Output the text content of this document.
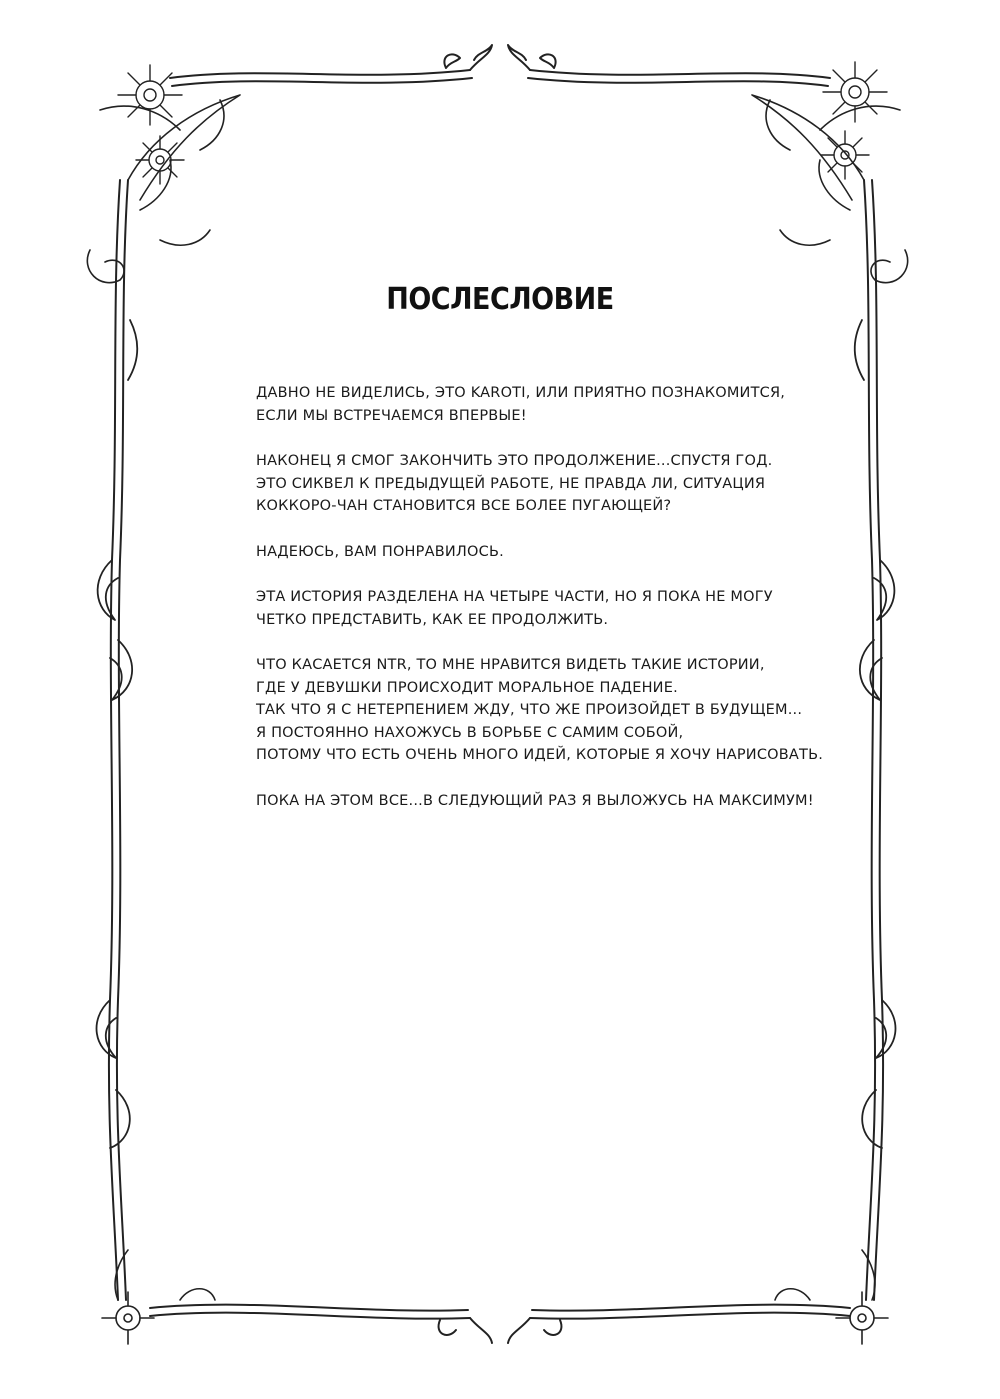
ПОСЛЕСЛОВИЕ

ДАВНО НЕ ВИДЕЛИСЬ, ЭТО KAROTI, ИЛИ ПРИЯТНО ПОЗНАКОМИТСЯ,
ЕСЛИ МЫ ВСТРЕЧАЕМСЯ ВПЕРВЫЕ!

НАКОНЕЦ Я СМОГ ЗАКОНЧИТЬ ЭТО ПРОДОЛЖЕНИЕ...СПУСТЯ ГОД.
ЭТО СИКВЕЛ К ПРЕДЫДУЩЕЙ РАБОТЕ, НЕ ПРАВДА ЛИ, СИТУАЦИЯ
КОККОРО-ЧАН СТАНОВИТСЯ ВСЕ БОЛЕЕ ПУГАЮЩЕЙ?

НАДЕЮСЬ, ВАМ ПОНРАВИЛОСЬ.

ЭТА ИСТОРИЯ РАЗДЕЛЕНА НА ЧЕТЫРЕ ЧАСТИ, НО Я ПОКА НЕ МОГУ
ЧЕТКО ПРЕДСТАВИТЬ, КАК ЕЕ ПРОДОЛЖИТЬ.

ЧТО КАСАЕТСЯ NTR, ТО МНЕ НРАВИТСЯ ВИДЕТЬ ТАКИЕ ИСТОРИИ,
ГДЕ У ДЕВУШКИ ПРОИСХОДИТ МОРАЛЬНОЕ ПАДЕНИЕ.
ТАК ЧТО Я С НЕТЕРПЕНИЕМ ЖДУ, ЧТО ЖЕ ПРОИЗОЙДЕТ В БУДУЩЕМ...
Я ПОСТОЯННО НАХОЖУСЬ В БОРЬБЕ С САМИМ СОБОЙ,
ПОТОМУ ЧТО ЕСТЬ ОЧЕНЬ МНОГО ИДЕЙ, КОТОРЫЕ Я ХОЧУ НАРИСОВАТЬ.

ПОКА НА ЭТОМ ВСЕ...В СЛЕДУЮЩИЙ РАЗ Я ВЫЛОЖУСЬ НА МАКСИМУМ!
